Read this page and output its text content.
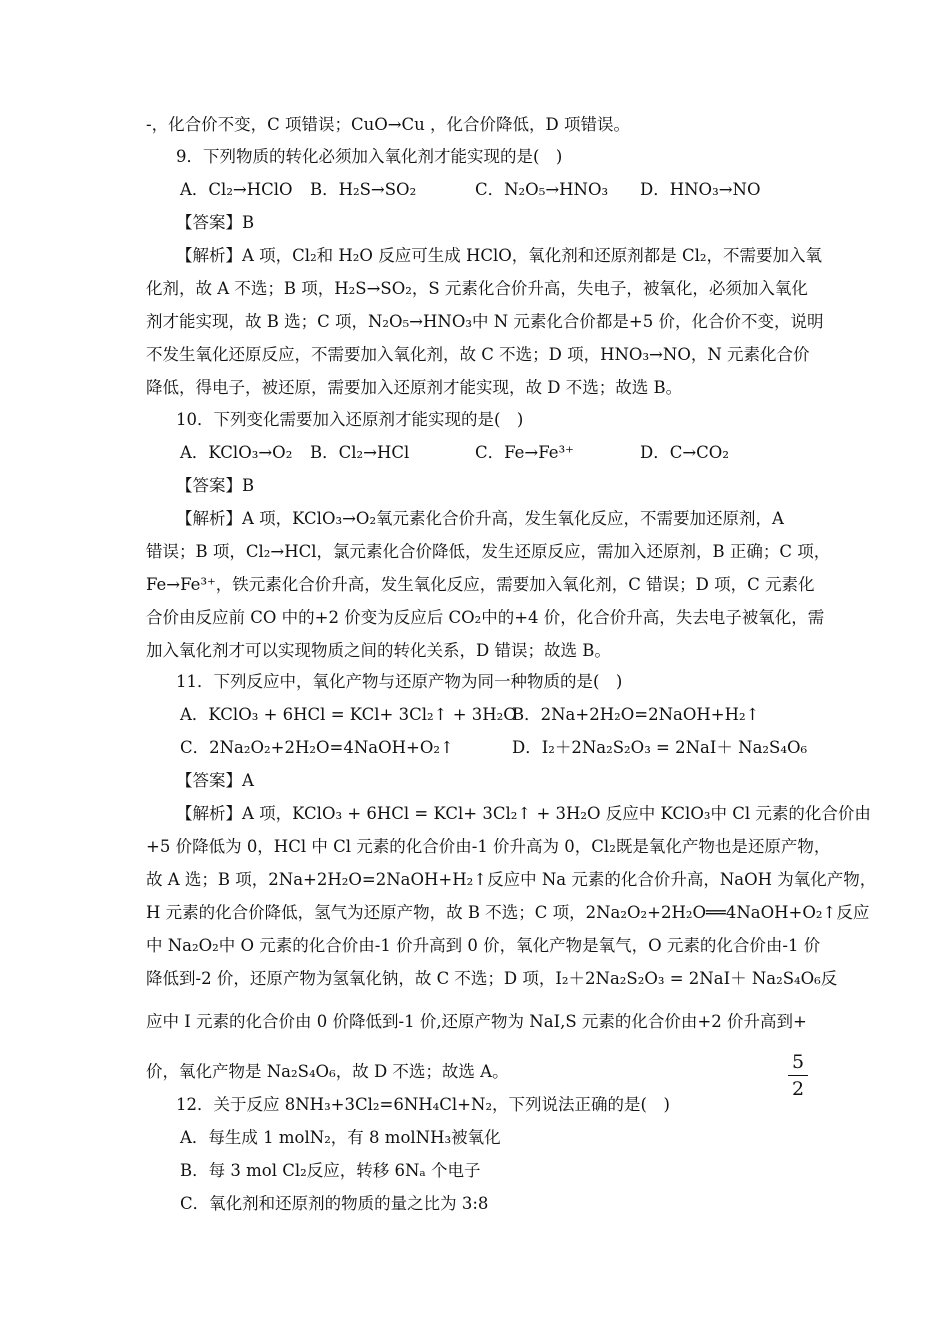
-，化合价不变，C 项错误；CuO→Cu ，化合价降低，D 项错误。
9．下列物质的转化必须加入氧化剂才能实现的是(　)
A．Cl₂→HClO B．H₂S→SO₂	C．N₂O₅→HNO₃ D．HNO₃→NO
【答案】B
【解析】A 项，Cl₂和 H₂O 反应可生成 HClO，氧化剂和还原剂都是 Cl₂，不需要加入氧
化剂，故 A 不选；B 项，H₂S→SO₂，S 元素化合价升高，失电子，被氧化，必须加入氧化
剂才能实现，故 B 选；C 项，N₂O₅→HNO₃中 N 元素化合价都是+5 价，化合价不变，说明
不发生氧化还原反应，不需要加入氧化剂，故 C 不选；D 项，HNO₃→NO，N 元素化合价
降低，得电子，被还原，需要加入还原剂才能实现，故 D 不选；故选 B。
10．下列变化需要加入还原剂才能实现的是(　)
A．KClO₃→O₂ B．Cl₂→HCl	C．Fe→Fe³⁺	D．C→CO₂
【答案】B
【解析】A 项，KClO₃→O₂氧元素化合价升高，发生氧化反应，不需要加还原剂，A
错误；B 项，Cl₂→HCl，氯元素化合价降低，发生还原反应，需加入还原剂，B 正确；C 项，
Fe→Fe³⁺，铁元素化合价升高，发生氧化反应，需要加入氧化剂，C 错误；D 项，C 元素化
合价由反应前 CO 中的+2 价变为反应后 CO₂中的+4 价，化合价升高，失去电子被氧化，需
加入氧化剂才可以实现物质之间的转化关系，D 错误；故选 B。
11．下列反应中，氧化产物与还原产物为同一种物质的是(　)
A．KClO₃ + 6HCl = KCl+ 3Cl₂↑ + 3H₂O
B．2Na+2H₂O=2NaOH+H₂↑
C．2Na₂O₂+2H₂O=4NaOH+O₂↑	D．I₂＋2Na₂S₂O₃ = 2NaI＋ Na₂S₄O₆
【答案】A
【解析】A 项，KClO₃ + 6HCl = KCl+ 3Cl₂↑ + 3H₂O 反应中 KClO₃中 Cl 元素的化合价由
+5 价降低为 0，HCl 中 Cl 元素的化合价由-1 价升高为 0，Cl₂既是氧化产物也是还原产物，
故 A 选；B 项，2Na+2H₂O=2NaOH+H₂↑反应中 Na 元素的化合价升高，NaOH 为氧化产物，
H 元素的化合价降低，氢气为还原产物，故 B 不选；C 项，2Na₂O₂+2H₂O══4NaOH+O₂↑反应
中 Na₂O₂中 O 元素的化合价由-1 价升高到 0 价，氧化产物是氧气，O 元素的化合价由-1 价
降低到-2 价，还原产物为氢氧化钠，故 C 不选；D 项，I₂＋2Na₂S₂O₃ = 2NaI＋ Na₂S₄O₆反
应中 I 元素的化合价由 0 价降低到-1 价,还原产物为 NaI,S 元素的化合价由+2 价升高到+
5
2
价，氧化产物是 Na₂S₄O₆，故 D 不选；故选 A。
12．关于反应 8NH₃+3Cl₂=6NH₄Cl+N₂，下列说法正确的是(　)
A．每生成 1 molN₂，有 8 molNH₃被氧化
B．每 3 mol Cl₂反应，转移 6Nₐ 个电子
C．氧化剂和还原剂的物质的量之比为 3:8
